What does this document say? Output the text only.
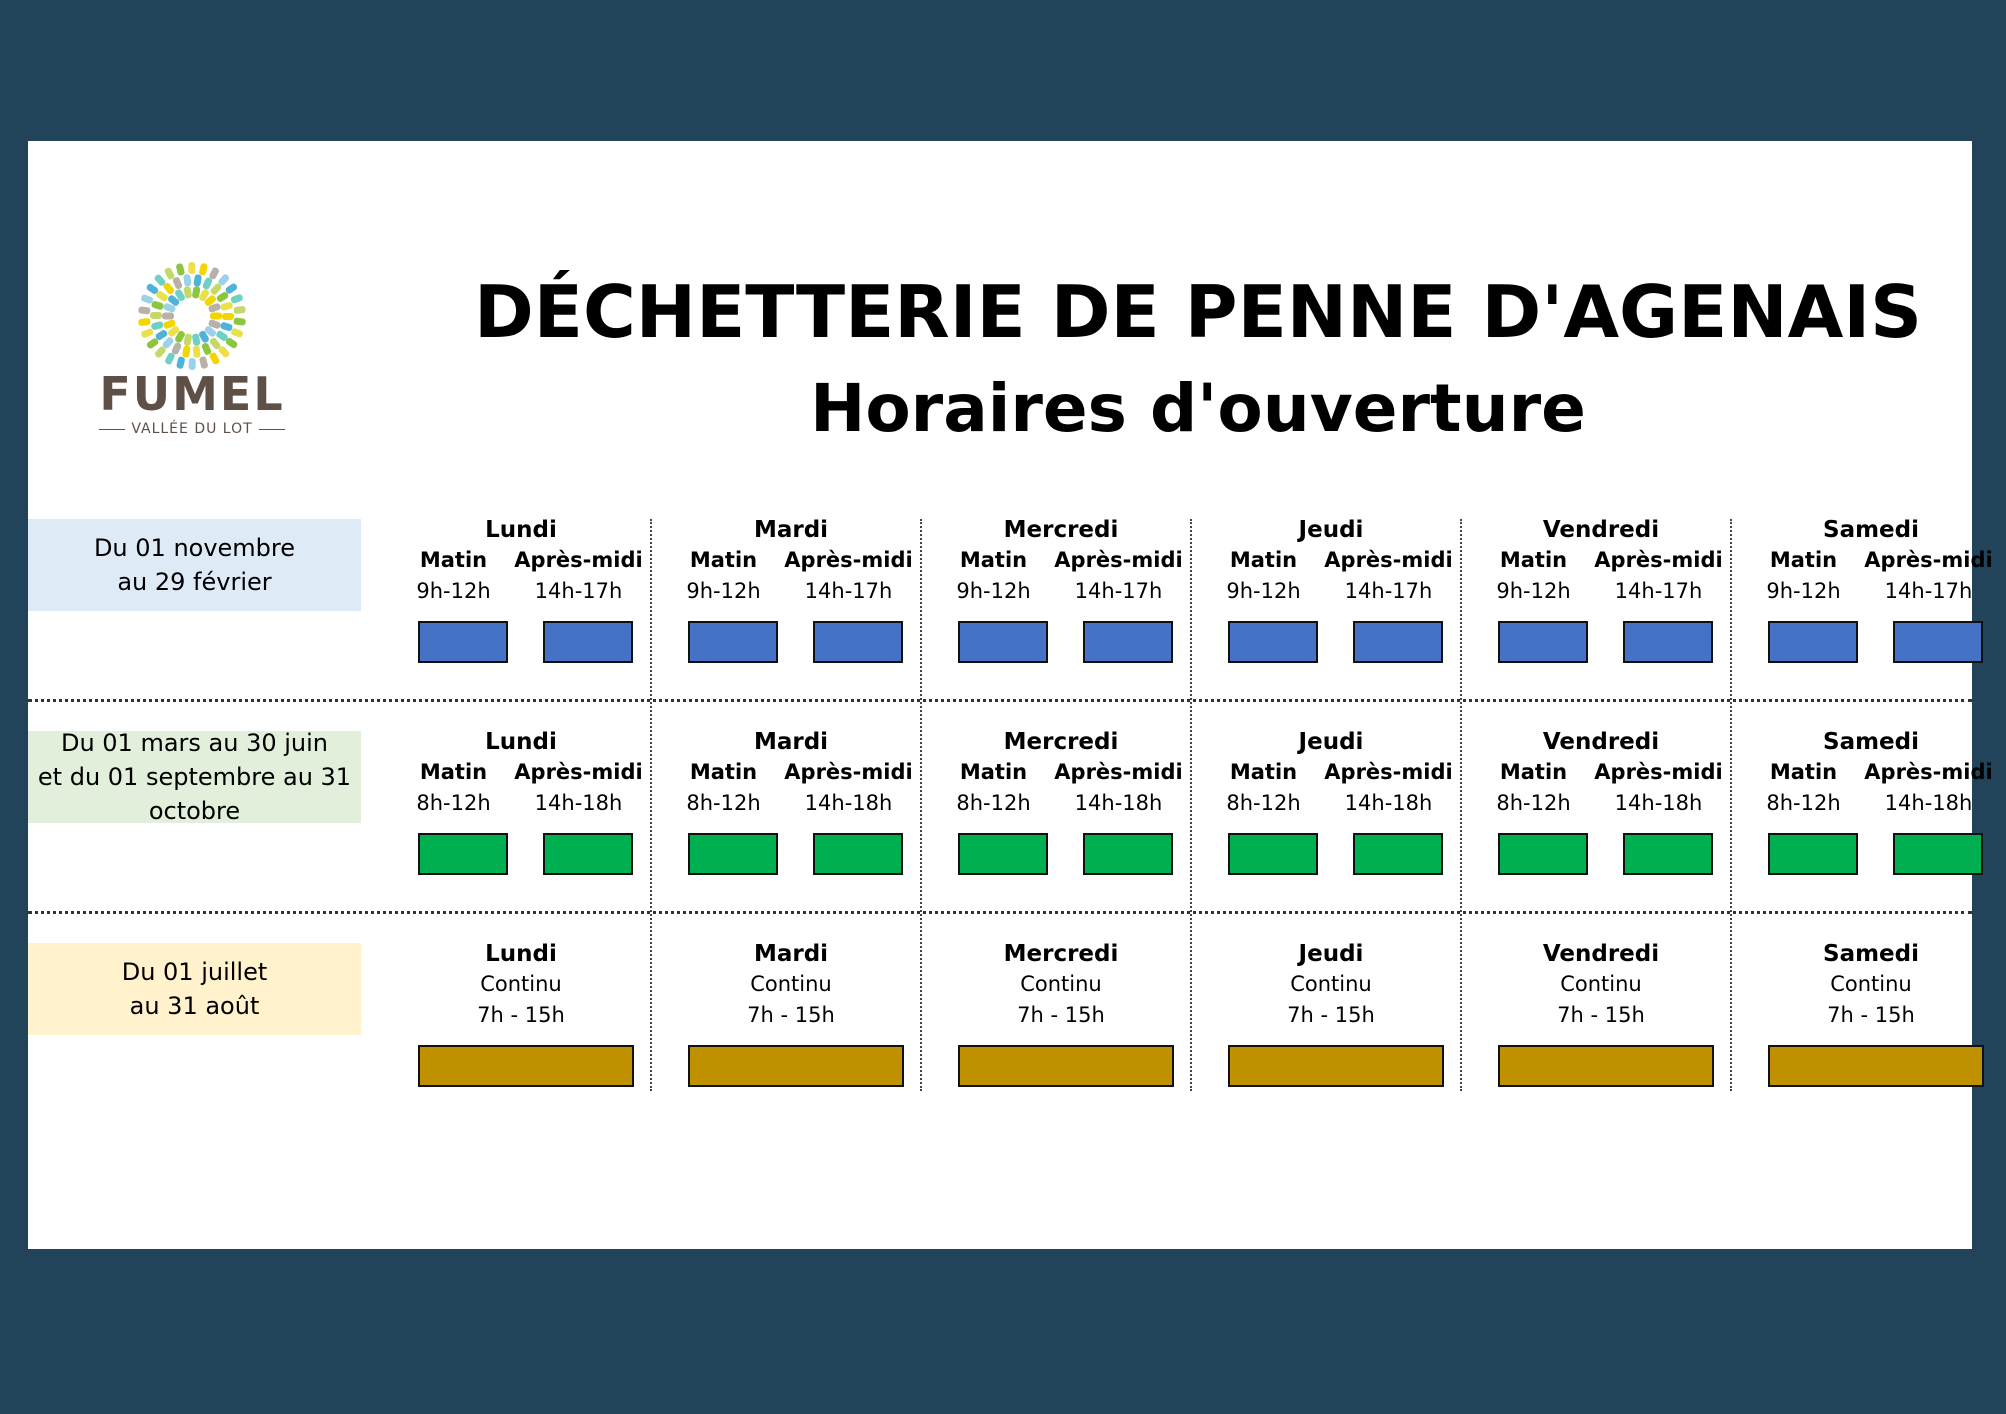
FUMEL
VALLÉE DU LOT
DÉCHETTERIE DE PENNE D'AGENAIS
Horaires d'ouverture
Du 01 novembre
au 29 février
Lundi
Matin
9h-12h
Après-midi
14h-17h
Mardi
Matin
9h-12h
Après-midi
14h-17h
Mercredi
Matin
9h-12h
Après-midi
14h-17h
Jeudi
Matin
9h-12h
Après-midi
14h-17h
Vendredi
Matin
9h-12h
Après-midi
14h-17h
Samedi
Matin
9h-12h
Après-midi
14h-17h
Du 01 mars au 30 juin
et du 01 septembre au 31
octobre
Lundi
Matin
8h-12h
Après-midi
14h-18h
Mardi
Matin
8h-12h
Après-midi
14h-18h
Mercredi
Matin
8h-12h
Après-midi
14h-18h
Jeudi
Matin
8h-12h
Après-midi
14h-18h
Vendredi
Matin
8h-12h
Après-midi
14h-18h
Samedi
Matin
8h-12h
Après-midi
14h-18h
Du 01 juillet
au 31 août
Lundi
Continu
7h - 15h
Mardi
Continu
7h - 15h
Mercredi
Continu
7h - 15h
Jeudi
Continu
7h - 15h
Vendredi
Continu
7h - 15h
Samedi
Continu
7h - 15h
